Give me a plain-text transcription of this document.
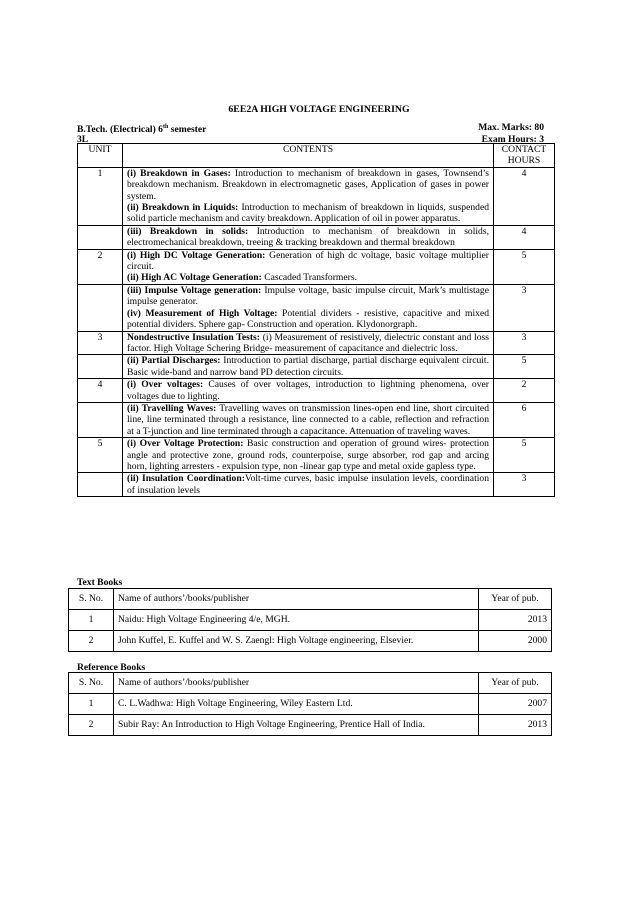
6EE2A HIGH VOLTAGE ENGINEERING
B.Tech. (Electrical) 6th semester	Max. Marks: 80
3L	Exam Hours: 3
UNIT	CONTENTS	CONTACT
HOURS
1	(i) Breakdown in Gases: Introduction to mechanism of breakdown in gases, Townsend’s breakdown mechanism. Breakdown in electromagnetic gases, Application of gases in power system.

(ii) Breakdown in Liquids: Introduction to mechanism of breakdown in liquids, suspended solid particle mechanism and cavity breakdown. Application of oil in power apparatus.	4

	(iii) Breakdown in solids: Introduction to mechanism of breakdown in solids, electromechanical breakdown, treeing & tracking breakdown and thermal breakdown	4
2	(i) High DC Voltage Generation: Generation of high dc voltage, basic voltage multiplier circuit.

(ii) High AC Voltage Generation: Cascaded Transformers.	5

	(iii) Impulse Voltage generation: Impulse voltage, basic impulse circuit, Mark’s multistage impulse generator.

(iv) Measurement of High Voltage: Potential dividers - resistive, capacitive and mixed potential dividers. Sphere gap- Construction and operation. Klydonorgraph.	3
3	Nondestructive Insulation Tests: (i) Measurement of resistively, dielectric constant and loss factor. High Voltage Schering Bridge- measurement of capacitance and dielectric loss.	3

	(ii) Partial Discharges: Introduction to partial discharge, partial discharge equivalent circuit. Basic wide-band and narrow band PD detection circuits.	5
4	(i) Over voltages: Causes of over voltages, introduction to lightning phenomena, over voltages due to lighting.	2

	(ii) Travelling Waves: Travelling waves on transmission lines-open end line, short circuited line, line terminated through a resistance, line connected to a cable, reflection and refraction at a T-junction and line terminated through a capacitance. Attenuation of traveling waves.	6
5	(i) Over Voltage Protection: Basic construction and operation of ground wires- protection angle and protective zone, ground rods, counterpoise, surge absorber, rod gap and arcing horn, lighting arresters - expulsion type, non -linear gap type and metal oxide gapless type.	5

	(ii) Insulation Coordination:Volt-time curves, basic impulse insulation levels, coordination of insulation levels	3
Text Books
S. No.	Name of authors’/books/publisher	Year of pub.
1	Naidu: High Voltage Engineering 4/e, MGH.	2013
2	John Kuffel, E. Kuffel and W. S. Zaengl: High Voltage engineering, Elsevier.	2000
Reference Books
S. No.	Name of authors’/books/publisher	Year of pub.
1	C. L.Wadhwa: High Voltage Engineering, Wiley Eastern Ltd.	2007
2	Subir Ray: An Introduction to High Voltage Engineering, Prentice Hall of India.	2013
